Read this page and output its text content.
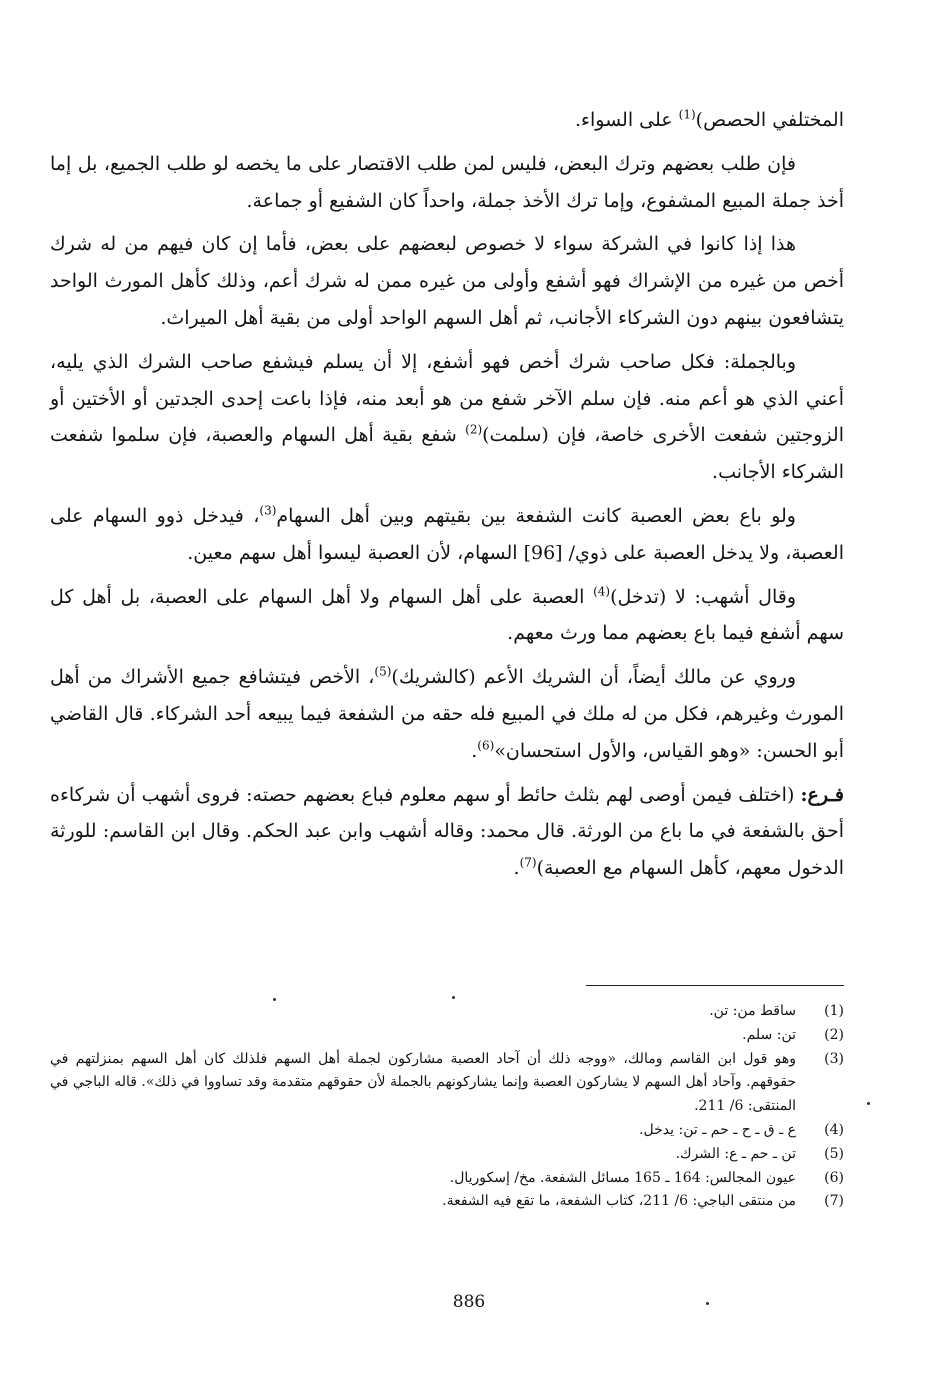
المختلفي الحصص)$^{(1)}$ على السواء.

فإن طلب بعضهم وترك البعض، فليس لمن طلب الاقتصار على ما يخصه لو طلب الجميع، بل إما أخذ جملة المبيع المشفوع، وإما ترك الأخذ جملة، واحداً كان الشفيع أو جماعة.

هذا إذا كانوا في الشركة سواء لا خصوص لبعضهم على بعض، فأما إن كان فيهم من له شرك أخص من غيره من الإشراك فهو أشفع وأولى من غيره ممن له شرك أعم، وذلك كأهل المورث الواحد يتشافعون بينهم دون الشركاء الأجانب، ثم أهل السهم الواحد أولى من بقية أهل الميراث.

وبالجملة: فكل صاحب شرك أخص فهو أشفع، إلا أن يسلم فيشفع صاحب الشرك الذي يليه، أعني الذي هو أعم منه. فإن سلم الآخر شفع من هو أبعد منه، فإذا باعت إحدى الجدتين أو الأختين أو الزوجتين شفعت الأخرى خاصة، فإن (سلمت)$^{(2)}$ شفع بقية أهل السهام والعصبة، فإن سلموا شفعت الشركاء الأجانب.

ولو باع بعض العصبة كانت الشفعة بين بقيتهم وبين أهل السهام$^{(3)}$، فيدخل ذوو السهام على العصبة، ولا يدخل العصبة على ذوي/ [96] السهام، لأن العصبة ليسوا أهل سهم معين.

وقال أشهب: لا (تدخل)$^{(4)}$ العصبة على أهل السهام ولا أهل السهام على العصبة، بل أهل كل سهم أشفع فيما باع بعضهم مما ورث معهم.

وروي عن مالك أيضاً، أن الشريك الأعم (كالشريك)$^{(5)}$، الأخص فيتشافع جميع الأشراك من أهل المورث وغيرهم، فكل من له ملك في المبيع فله حقه من الشفعة فيما يبيعه أحد الشركاء. قال القاضي أبو الحسن: «وهو القياس، والأول استحسان»$^{(6)}$.

فـرع: (اختلف فيمن أوصى لهم بثلث حائط أو سهم معلوم فباع بعضهم حصته: فروى أشهب أن شركاءه أحق بالشفعة في ما باع من الورثة. قال محمد: وقاله أشهب وابن عبد الحكم. وقال ابن القاسم: للورثة الدخول معهم، كأهل السهام مع العصبة)$^{(7)}$.

(1)
ساقط من: تن.
(2)
تن: سلم.
(3)
وهو قول ابن القاسم ومالك، «ووجه ذلك أن آحاد العصبة مشاركون لجملة أهل السهم فلذلك كان أهل السهم بمنزلتهم في حقوقهم. وآحاد أهل السهم لا يشاركون العصبة وإنما يشاركونهم بالجملة لأن حقوقهم متقدمة وقد تساووا في ذلك». قاله الباجي في المنتقى: 6/ 211.
(4)
ع ـ ق ـ ح ـ حم ـ تن: يدخل.
(5)
تن ـ حم ـ ع: الشرك.
(6)
عيون المجالس: 164 ـ 165 مسائل الشفعة. مخ/ إسكوريال.
(7)
من منتقى الباجي: 6/ 211، كتاب الشفعة، ما تقع فيه الشفعة.
886
